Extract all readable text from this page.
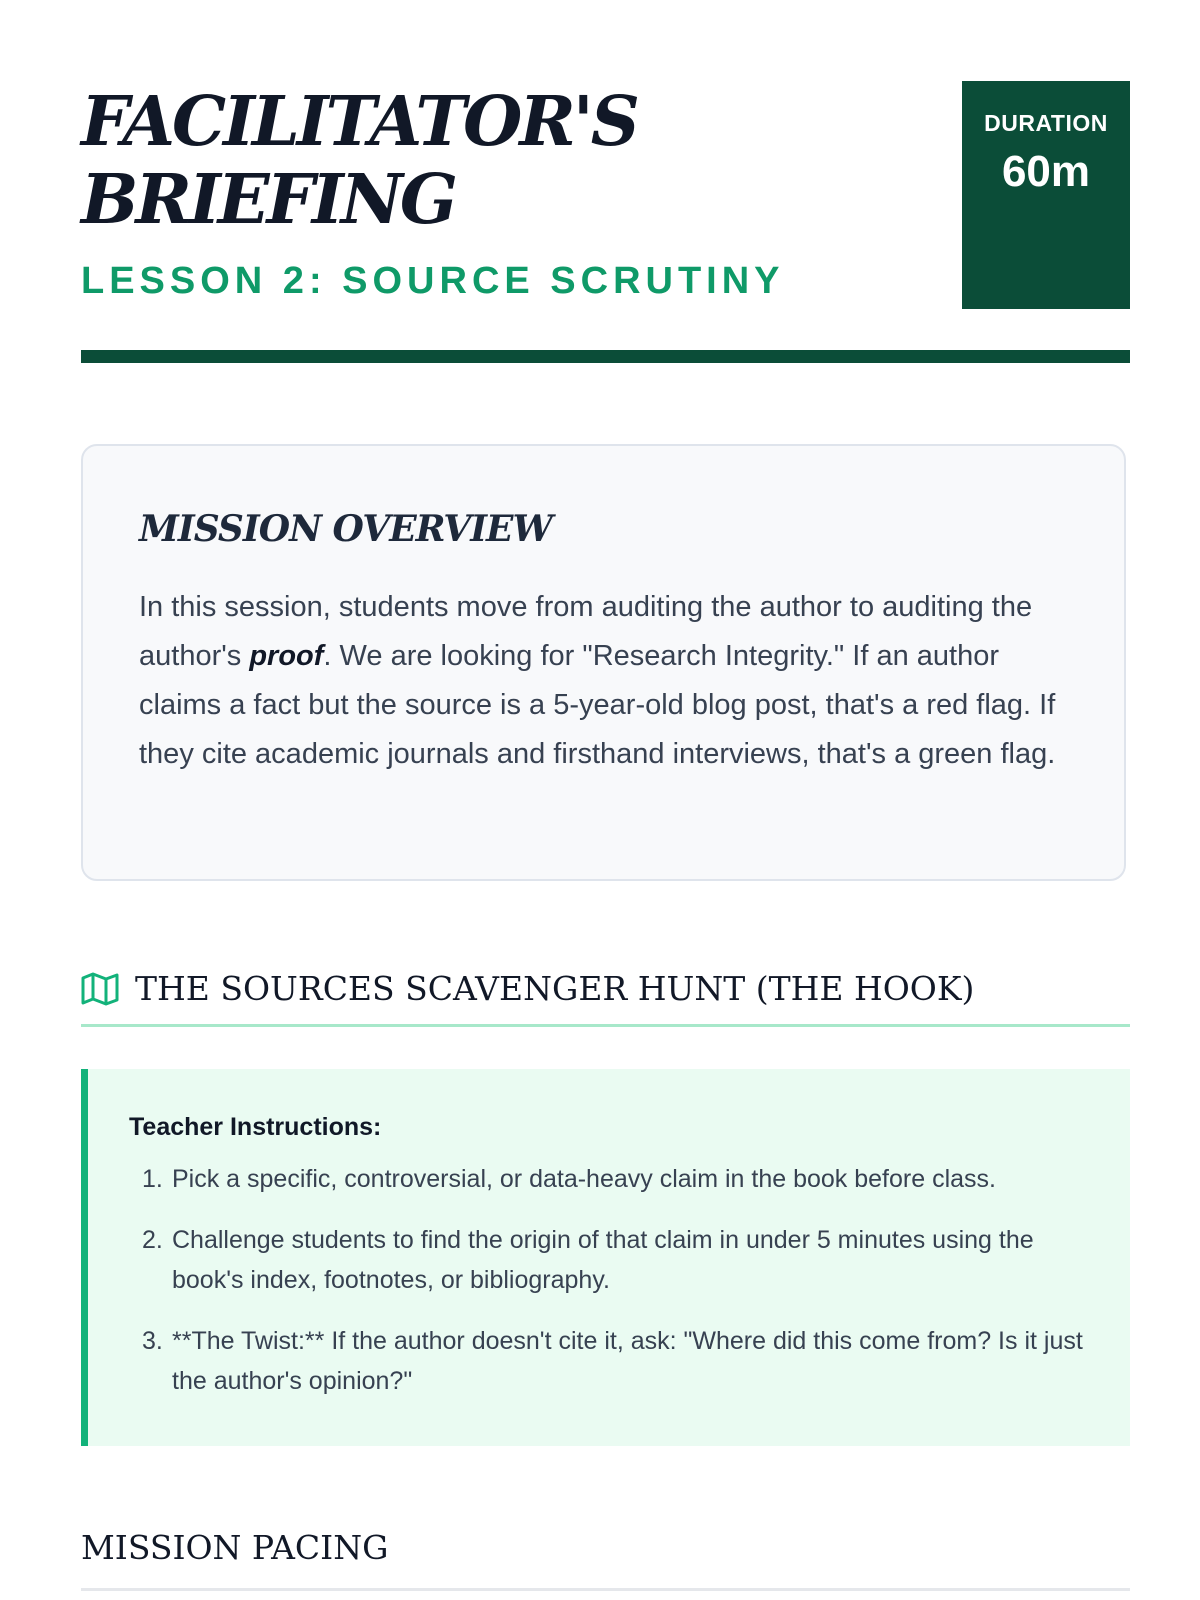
FACILITATOR'S
BRIEFING
LESSON 2: SOURCE SCRUTINY
DURATION
60m
MISSION OVERVIEW
In this session, students move from auditing the author to auditing the author's proof. We are looking for "Research Integrity." If an author claims a fact but the source is a 5-year-old blog post, that's a red flag. If they cite academic journals and firsthand interviews, that's a green flag.
THE SOURCES SCAVENGER HUNT (THE HOOK)
Teacher Instructions:
1. Pick a specific, controversial, or data-heavy claim in the book before class.
2. Challenge students to find the origin of that claim in under 5 minutes using the book's index, footnotes, or bibliography.
3. **The Twist:** If the author doesn't cite it, ask: "Where did this come from? Is it just the author's opinion?"
MISSION PACING
